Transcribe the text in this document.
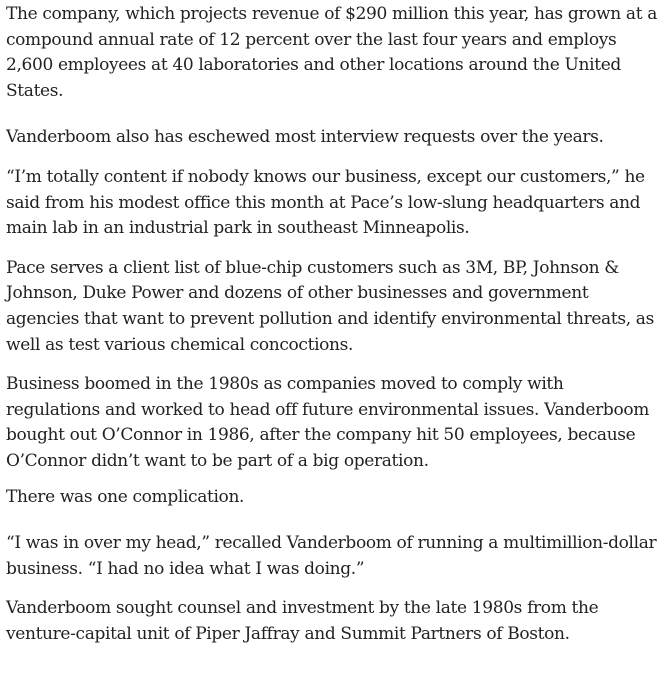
The company, which projects revenue of $290 million this year, has grown at a compound annual rate of 12 percent over the last four years and employs 2,600 employees at 40 laboratories and other locations around the United States.

Vanderboom also has eschewed most interview requests over the years.

“I’m totally content if nobody knows our business, except our customers,” he said from his modest office this month at Pace’s low-slung headquarters and main lab in an industrial park in southeast Minneapolis.

Pace serves a client list of blue-chip customers such as 3M, BP, Johnson & Johnson, Duke Power and dozens of other businesses and government agencies that want to prevent pollution and identify environmental threats, as well as test various chemical concoctions.

Business boomed in the 1980s as companies moved to comply with regulations and worked to head off future environmental issues. Vanderboom bought out O’Connor in 1986, after the company hit 50 employees, because O’Connor didn’t want to be part of a big operation.

There was one complication.

“I was in over my head,” recalled Vanderboom of running a multimillion-dollar business. “I had no idea what I was doing.”

Vanderboom sought counsel and investment by the late 1980s from the venture-capital unit of Piper Jaffray and Summit Partners of Boston.
